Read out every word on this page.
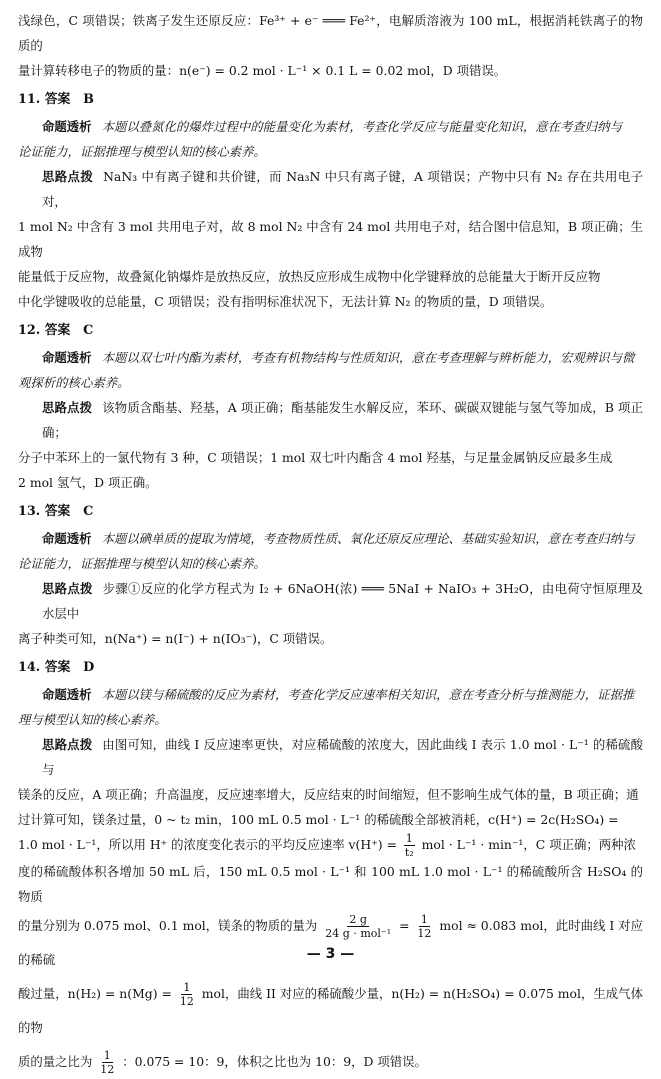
浅绿色，C 项错误；铁离子发生还原反应：Fe³⁺ + e⁻ ═══ Fe²⁺，电解质溶液为 100 mL，根据消耗铁离子的物质的

量计算转移电子的物质的量：n(e⁻) = 0.2 mol · L⁻¹ × 0.1 L = 0.02 mol，D 项错误。

11. 答案　B

命题透析 本题以叠氮化的爆炸过程中的能量变化为素材，考查化学反应与能量变化知识，意在考查归纳与

论证能力，证据推理与模型认知的核心素养。

思路点拨 NaN₃ 中有离子键和共价键，而 Na₃N 中只有离子键，A 项错误；产物中只有 N₂ 存在共用电子对，

1 mol N₂ 中含有 3 mol 共用电子对，故 8 mol N₂ 中含有 24 mol 共用电子对，结合图中信息知，B 项正确；生成物

能量低于反应物，故叠氮化钠爆炸是放热反应，放热反应形成生成物中化学键释放的总能量大于断开反应物

中化学键吸收的总能量，C 项错误；没有指明标准状况下，无法计算 N₂ 的物质的量，D 项错误。

12. 答案　C

命题透析 本题以双七叶内酯为素材，考查有机物结构与性质知识，意在考查理解与辨析能力，宏观辨识与微

观探析的核心素养。

思路点拨 该物质含酯基、羟基，A 项正确；酯基能发生水解反应，苯环、碳碳双键能与氢气等加成，B 项正确；

分子中苯环上的一氯代物有 3 种，C 项错误；1 mol 双七叶内酯含 4 mol 羟基，与足量金属钠反应最多生成

2 mol 氢气，D 项正确。

13. 答案　C

命题透析 本题以碘单质的提取为情境，考查物质性质、氧化还原反应理论、基础实验知识，意在考查归纳与

论证能力，证据推理与模型认知的核心素养。

思路点拨 步骤①反应的化学方程式为 I₂ + 6NaOH(浓) ═══ 5NaI + NaIO₃ + 3H₂O，由电荷守恒原理及水层中

离子种类可知，n(Na⁺) = n(I⁻) + n(IO₃⁻)，C 项错误。

14. 答案　D

命题透析 本题以镁与稀硫酸的反应为素材，考查化学反应速率相关知识，意在考查分析与推测能力，证据推

理与模型认知的核心素养。

思路点拨 由图可知，曲线 I 反应速率更快，对应稀硫酸的浓度大，因此曲线 I 表示 1.0 mol · L⁻¹ 的稀硫酸与

镁条的反应，A 项正确；升高温度，反应速率增大，反应结束的时间缩短，但不影响生成气体的量，B 项正确；通

过计算可知，镁条过量，0 ~ t₂ min，100 mL 0.5 mol · L⁻¹ 的稀硫酸全部被消耗，c(H⁺) = 2c(H₂SO₄) =

1.0 mol · L⁻¹，所以用 H⁺ 的浓度变化表示的平均反应速率 $v(H^+) = \frac{1}{\text{t₂}}$ mol · L⁻¹ · min⁻¹，C 项正确；两种浓

度的稀硫酸体积各增加 50 mL 后，150 mL 0.5 mol · L⁻¹ 和 100 mL 1.0 mol · L⁻¹ 的稀硫酸所含 H₂SO₄ 的物质

的量分别为 0.075 mol、0.1 mol，镁条的物质的量为 $\frac{2 g}{\text{24 g · mol⁻¹}} = \frac{1}{12}$ mol ≈ 0.083 mol，此时曲线 I 对应的稀硫

酸过量，$n(H_2) = n(Mg) = \frac{1}{12}$ mol，曲线 II 对应的稀硫酸少量，n(H₂) = n(H₂SO₄) = 0.075 mol，生成气体的物

质的量之比为 $\frac{1}{12}$ ：0.075 = 10：9，体积之比也为 10：9，D 项错误。

— 3 —
